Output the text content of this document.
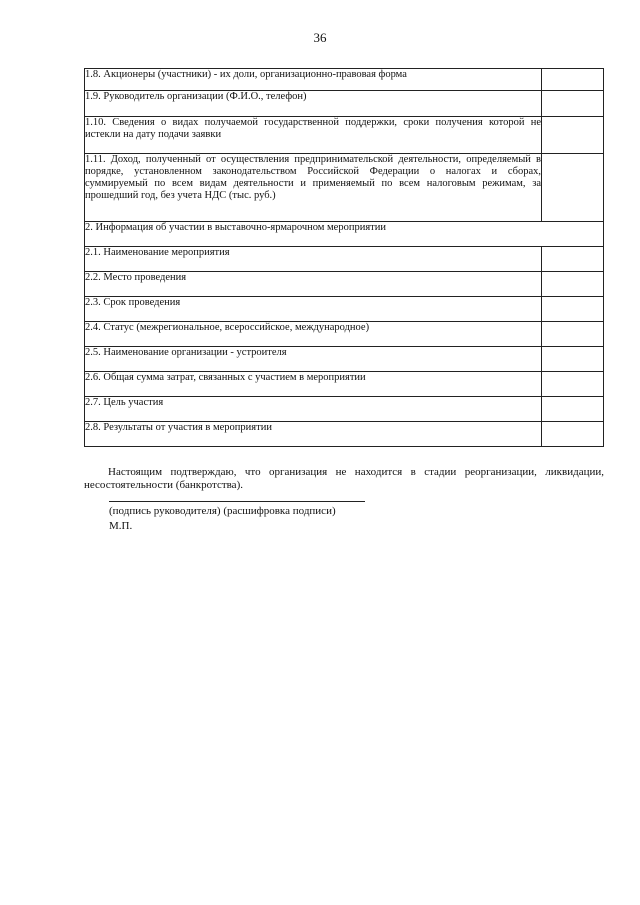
36
1.8. Акционеры (участники) - их доли, организационно-правовая форма	
1.9. Руководитель организации (Ф.И.О., телефон)	
1.10. Сведения о видах получаемой государственной поддержки, сроки получения которой не истекли на дату подачи заявки	
1.11. Доход, полученный от осуществления предпринимательской деятельности, определяемый в порядке, установленном законодательством Российской Федерации о налогах и сборах, суммируемый по всем видам деятельности и применяемый по всем налоговым режимам, за прошедший год, без учета НДС (тыс. руб.)	
2. Информация об участии в выставочно-ярмарочном мероприятии	
2.1. Наименование мероприятия	
2.2. Место проведения	
2.3. Срок проведения	
2.4. Статус (межрегиональное, всероссийское, международное)	
2.5. Наименование организации - устроителя	
2.6. Общая сумма затрат, связанных с участием в мероприятии	
2.7. Цель участия	
2.8. Результаты от участия в мероприятии	

Настоящим подтверждаю, что организация не находится в стадии реорганизации, ликвидации, несостоятельности (банкротства).

(подпись руководителя) (расшифровка подписи)
М.П.
